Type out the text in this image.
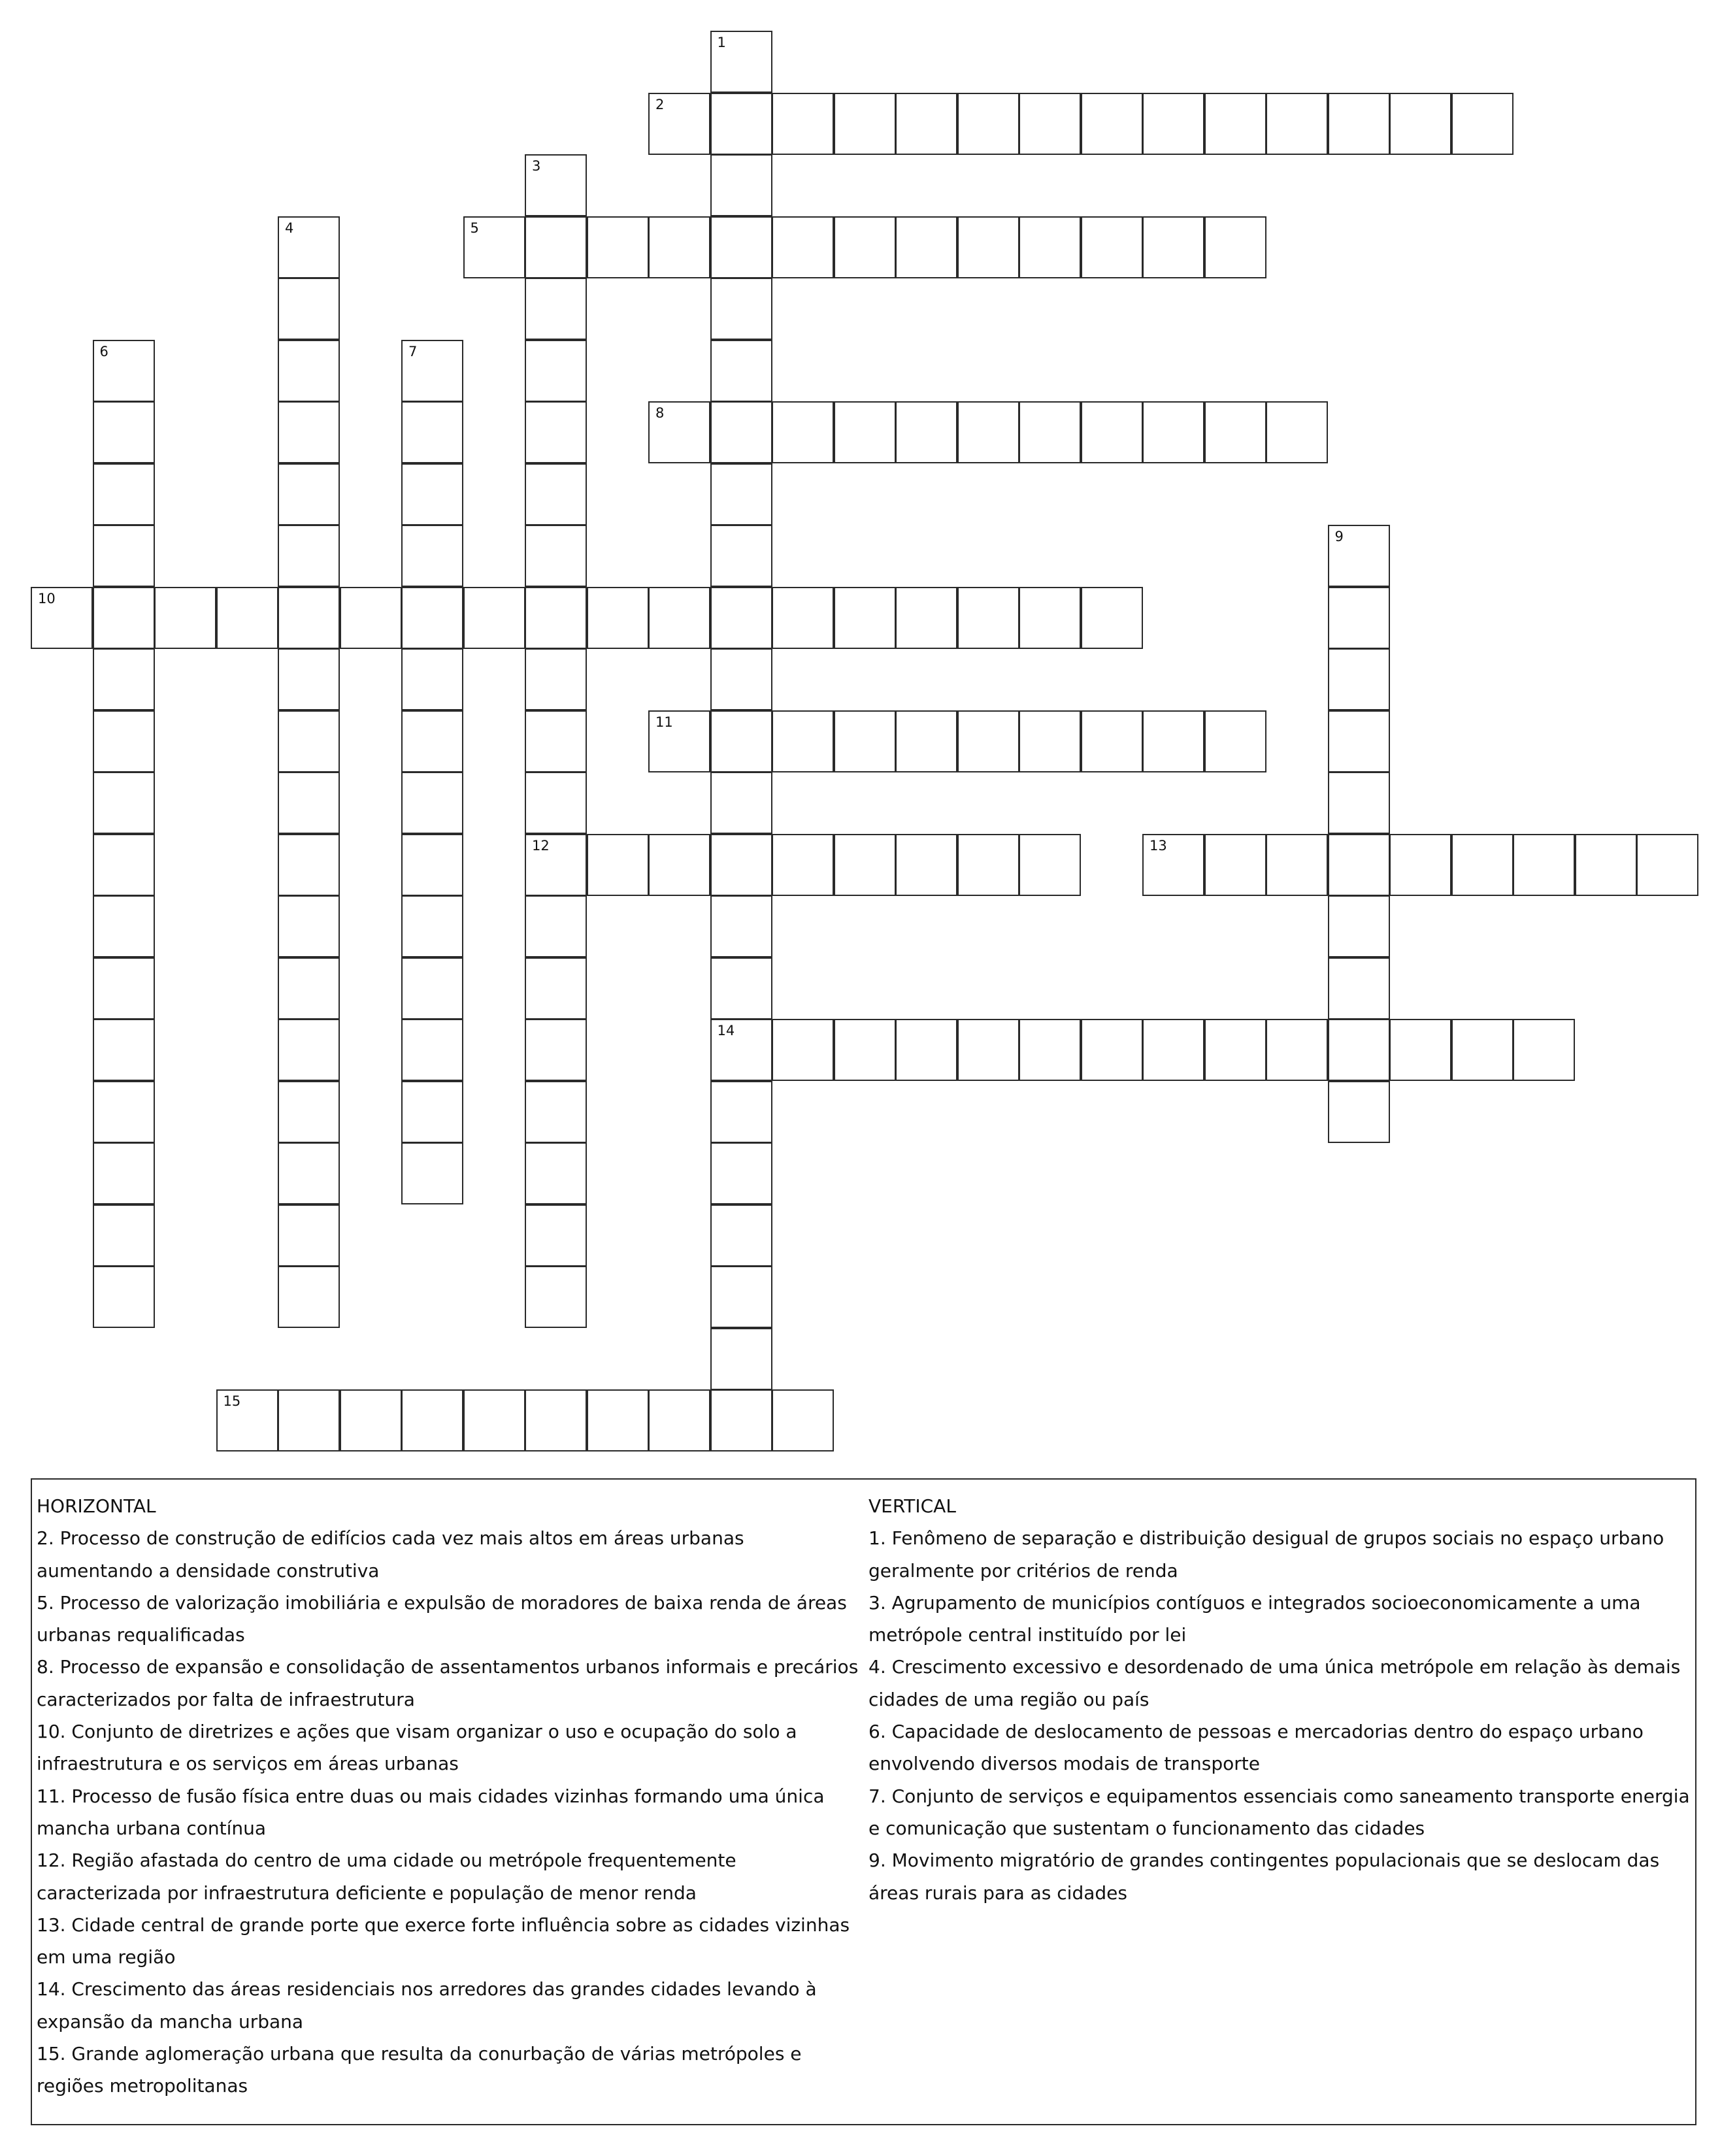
1
14
2
3
12
4	5
6	7
8
9
10
11
13
15
HORIZONTAL
2. Processo de construção de edifícios cada vez mais altos em áreas urbanas aumentando a densidade construtiva
5. Processo de valorização imobiliária e expulsão de moradores de baixa renda de áreas urbanas requalificadas
8. Processo de expansão e consolidação de assentamentos urbanos informais e precários caracterizados por falta de infraestrutura
10. Conjunto de diretrizes e ações que visam organizar o uso e ocupação do solo a infraestrutura e os serviços em áreas urbanas
11. Processo de fusão física entre duas ou mais cidades vizinhas formando uma única mancha urbana contínua
12. Região afastada do centro de uma cidade ou metrópole frequentemente caracterizada por infraestrutura deficiente e população de menor renda
13. Cidade central de grande porte que exerce forte influência sobre as cidades vizinhas em uma região
14. Crescimento das áreas residenciais nos arredores das grandes cidades levando à expansão da mancha urbana
15. Grande aglomeração urbana que resulta da conurbação de várias metrópoles e regiões metropolitanas
VERTICAL
1. Fenômeno de separação e distribuição desigual de grupos sociais no espaço urbano geralmente por critérios de renda
3. Agrupamento de municípios contíguos e integrados socioeconomicamente a uma metrópole central instituído por lei
4. Crescimento excessivo e desordenado de uma única metrópole em relação às demais cidades de uma região ou país
6. Capacidade de deslocamento de pessoas e mercadorias dentro do espaço urbano envolvendo diversos modais de transporte
7. Conjunto de serviços e equipamentos essenciais como saneamento transporte energia e comunicação que sustentam o funcionamento das cidades
9. Movimento migratório de grandes contingentes populacionais que se deslocam das áreas rurais para as cidades
